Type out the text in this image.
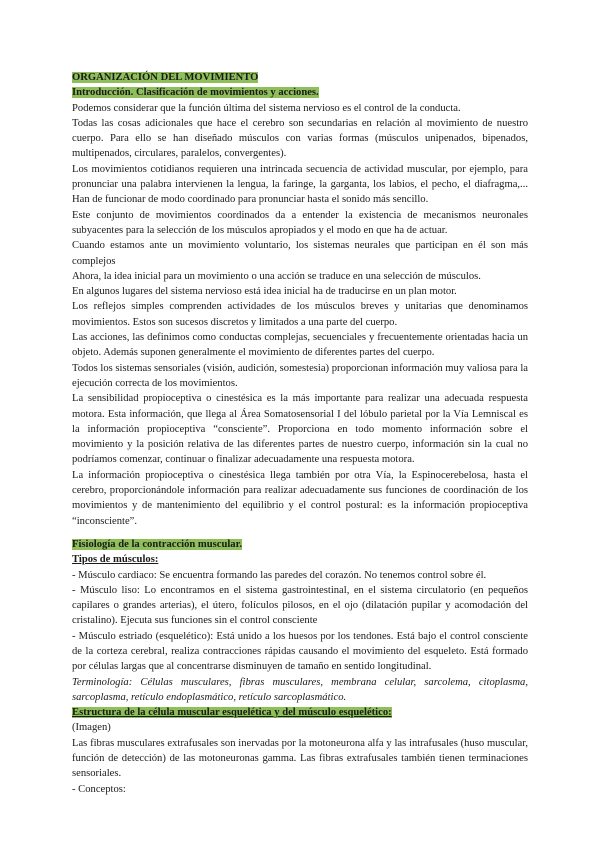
ORGANIZACIÓN DEL MOVIMIENTO

Introducción. Clasificación de movimientos y acciones.

Podemos considerar que la función última del sistema nervioso es el control de la conducta.

Todas las cosas adicionales que hace el cerebro son secundarias en relación al movimiento de nuestro cuerpo. Para ello se han diseñado músculos con varias formas (músculos unipenados, bipenados, multipenados, circulares, paralelos, convergentes).

Los movimientos cotidianos requieren una intrincada secuencia de actividad muscular, por ejemplo, para pronunciar una palabra intervienen la lengua, la faringe, la garganta, los labios, el pecho, el diafragma,... Han de funcionar de modo coordinado para pronunciar hasta el sonido más sencillo.

Este conjunto de movimientos coordinados da a entender la existencia de mecanismos neuronales subyacentes para la selección de los músculos apropiados y el modo en que ha de actuar.

Cuando estamos ante un movimiento voluntario, los sistemas neurales que participan en él son más complejos

Ahora, la idea inicial para un movimiento o una acción se traduce en una selección de músculos.

En algunos lugares del sistema nervioso está idea inicial ha de traducirse en un plan motor.

Los reflejos simples comprenden actividades de los músculos breves y unitarias que denominamos movimientos. Estos son sucesos discretos y limitados a una parte del cuerpo.

Las acciones, las definimos como conductas complejas, secuenciales y frecuentemente orientadas hacia un objeto. Además suponen generalmente el movimiento de diferentes partes del cuerpo.

Todos los sistemas sensoriales (visión, audición, somestesia) proporcionan información muy valiosa para la ejecución correcta de los movimientos.

La sensibilidad propioceptiva o cinestésica es la más importante para realizar una adecuada respuesta motora. Esta información, que llega al Área Somatosensorial I del lóbulo parietal por la Vía Lemniscal es la información propioceptiva “consciente”. Proporciona en todo momento información sobre el movimiento y la posición relativa de las diferentes partes de nuestro cuerpo, información sin la cual no podríamos comenzar, continuar o finalizar adecuadamente una respuesta motora.

La información propioceptiva o cinestésica llega también por otra Vía, la Espinocerebelosa, hasta el cerebro, proporcionándole información para realizar adecuadamente sus funciones de coordinación de los movimientos y de mantenimiento del equilibrio y el control postural: es la información propioceptiva “inconsciente”.

Fisiología de la contracción muscular.

Tipos de músculos:

- Músculo cardiaco: Se encuentra formando las paredes del corazón. No tenemos control sobre él.

- Músculo liso: Lo encontramos en el sistema gastrointestinal, en el sistema circulatorio (en pequeños capilares o grandes arterias), el útero, folículos pilosos, en el ojo (dilatación pupilar y acomodación del cristalino). Ejecuta sus funciones sin el control consciente

- Músculo estriado (esquelético): Está unido a los huesos por los tendones. Está bajo el control consciente de la corteza cerebral, realiza contracciones rápidas causando el movimiento del esqueleto. Está formado por células largas que al concentrarse disminuyen de tamaño en sentido longitudinal.

Terminología: Células musculares, fibras musculares, membrana celular, sarcolema, citoplasma, sarcoplasma, retículo endoplasmático, retículo sarcoplasmático.

Estructura de la célula muscular esquelética y del músculo esquelético:

(Imagen)

Las fibras musculares extrafusales son inervadas por la motoneurona alfa y las intrafusales (huso muscular, función de detección) de las motoneuronas gamma. Las fibras extrafusales también tienen terminaciones sensoriales.

- Conceptos:
